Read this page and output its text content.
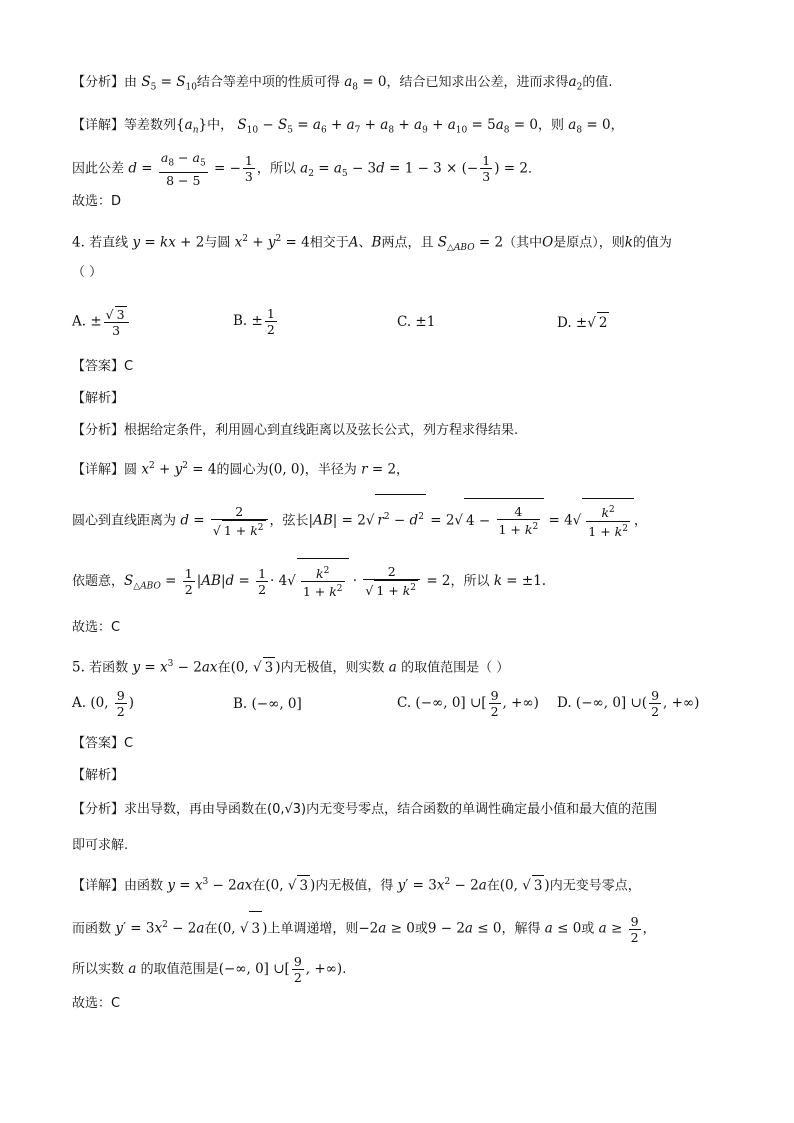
【分析】由 $S_5 = S_{10}$结合等差中项的性质可得 $a_8 = 0$，结合已知求出公差，进而求得$a_2$的值.
【详解】等差数列$\{a_n\}$中， $S_{10} - S_5 = a_6 + a_7 + a_8 + a_9 + a_{10} = 5a_8 = 0$，则 $a_8 = 0$，
因此公差 $d = \frac{a_8 - a_5}{8 - 5}$ = − $\frac{1}{3}$ ，所以 $a_2 = a_5 - 3d = 1 - 3$ × (− $\frac{1}{3}$ ) = 2．
故选：D
4. 若直线 y = kx + 2与圆 $x^2 + y^2 = 4$相交于A、B两点，且 $S_{\triangle ABO} = 2$（其中O是原点），则k的值为
（ ）
A. ± $\frac{√ 3}{3}$	B. ± $\frac{1}{2}$	C. ±1	D. ±√ 2
【答案】C
【解析】
【分析】根据给定条件，利用圆心到直线距离以及弦长公式，列方程求得结果.
【详解】圆 $x^2 + y^2 = 4$的圆心为(0, 0)，半径为 r = 2，
圆心到直线距离为 $d = \frac{2}{√ 1 + k^2}$ ，弦长|AB| = 2√ $r^2 - d^2 = 2√$ $4 - \frac{4}{1 + k^2} = 4√ \frac{k^2}{1 + k^2}$ ，
依题意，$S_{\triangle ABO} = \frac{1}{2} |AB|d = \frac{1}{2} \cdot 4√ \frac{k^2}{1 + k^2} \cdot \frac{2}{√ 1 + k^2} = 2$，所以 k = ±1.
故选：C
5. 若函数 $y = x^3 - 2ax$在(0, √ 3 )内无极值，则实数 a 的取值范围是（ ）
A. (0, $\frac{9}{2}$ )	B. (−∞, 0]	C. (−∞, 0] ∪[ $\frac{9}{2}$ , +∞) D. (−∞, 0] ∪( $\frac{9}{2}$ , +∞)
【答案】C
【解析】
【分析】求出导数，再由导函数在(0,√3)内无变号零点，结合函数的单调性确定最小值和最大值的范围
即可求解.
【详解】由函数 $y = x^3 - 2ax$在(0, √ 3 )内无极值，得 $y' = 3x^2 - 2a$在(0, √ 3 )内无变号零点，
而函数 $y' = 3x^2 - 2a$在(0, √ 3 )上单调递增，则−2a ≥ 0或9 − 2a ≤ 0，解得 a ≤ 0或 $a \ge \frac{9}{2}$ ，
所以实数 a 的取值范围是(−∞, 0] ∪[ $\frac{9}{2}$ , +∞).
故选：C
